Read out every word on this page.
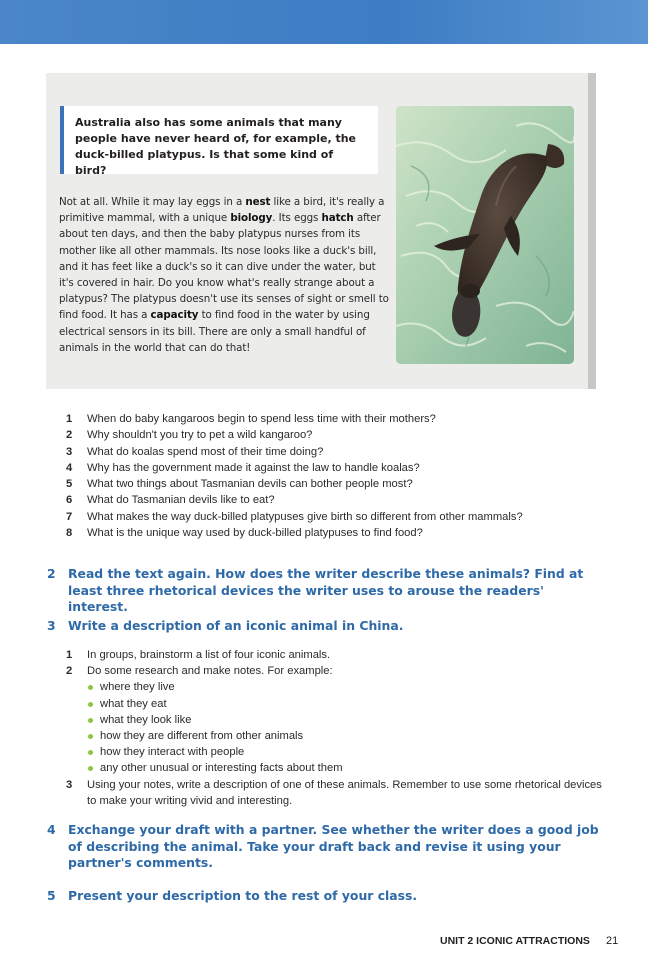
Australia also has some animals that many people have never heard of, for example, the duck-billed platypus. Is that some kind of bird?
Not at all. While it may lay eggs in a nest like a bird, it's really a primitive mammal, with a unique biology. Its eggs hatch after about ten days, and then the baby platypus nurses from its mother like all other mammals. Its nose looks like a duck's bill, and it has feet like a duck's so it can dive under the water, but it's covered in hair. Do you know what's really strange about a platypus? The platypus doesn't use its senses of sight or smell to find food. It has a capacity to find food in the water by using electrical sensors in its bill. There are only a small handful of animals in the world that can do that!
1 When do baby kangaroos begin to spend less time with their mothers?
2 Why shouldn't you try to pet a wild kangaroo?
3 What do koalas spend most of their time doing?
4 Why has the government made it against the law to handle koalas?
5 What two things about Tasmanian devils can bother people most?
6 What do Tasmanian devils like to eat?
7 What makes the way duck-billed platypuses give birth so different from other mammals?
8 What is the unique way used by duck-billed platypuses to find food?
2 Read the text again. How does the writer describe these animals? Find at least three rhetorical devices the writer uses to arouse the readers' interest.
3 Write a description of an iconic animal in China.
1 In groups, brainstorm a list of four iconic animals.
2 Do some research and make notes. For example:
where they live
what they eat
what they look like
how they are different from other animals
how they interact with people
any other unusual or interesting facts about them
3 Using your notes, write a description of one of these animals. Remember to use some rhetorical devices to make your writing vivid and interesting.
4 Exchange your draft with a partner. See whether the writer does a good job of describing the animal. Take your draft back and revise it using your partner's comments.
5 Present your description to the rest of your class.
UNIT 2 ICONIC ATTRACTIONS 21
